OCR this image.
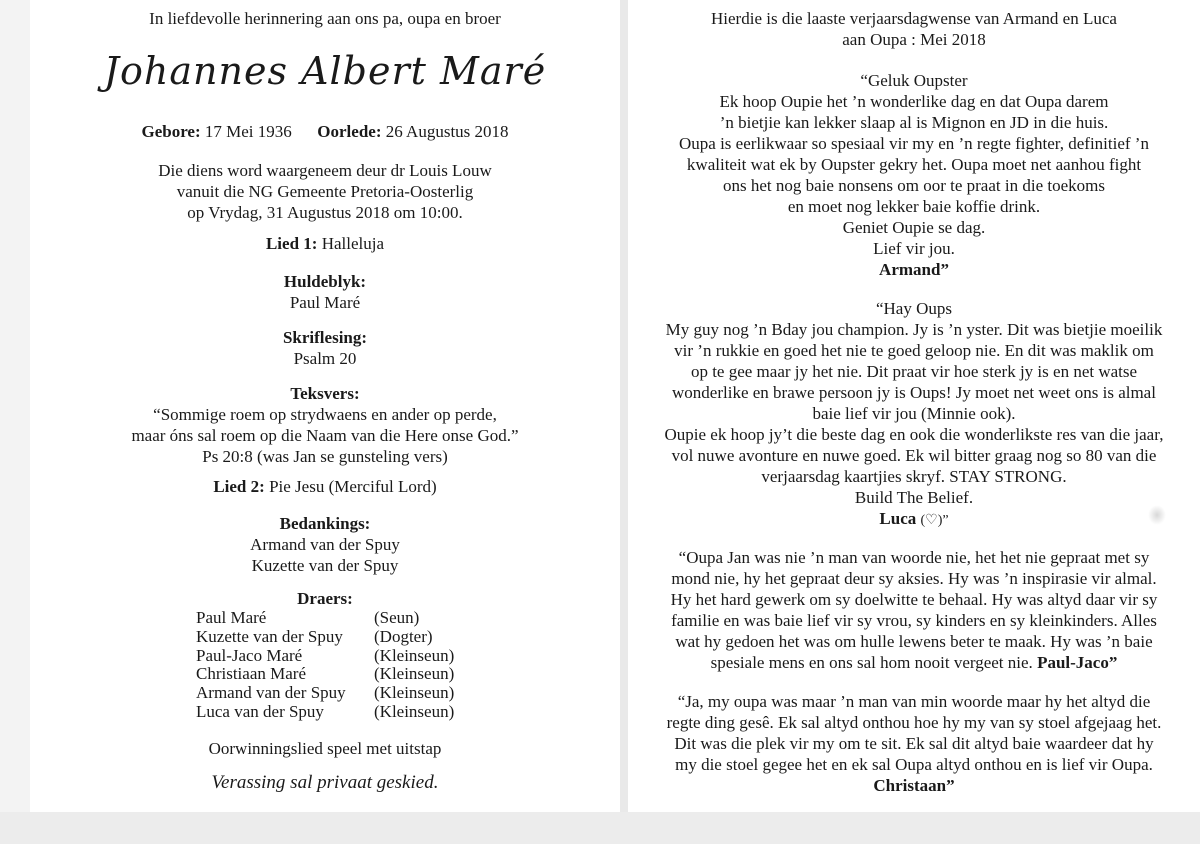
In liefdevolle herinnering aan ons pa, oupa en broer
Johannes Albert Maré
Gebore: 17 Mei 1936 Oorlede: 26 Augustus 2018
Die diens word waargeneem deur dr Louis Louw
vanuit die NG Gemeente Pretoria-Oosterlig
op Vrydag, 31 Augustus 2018 om 10:00.
Lied 1: Halleluja
Huldeblyk:
Paul Maré
Skriflesing:
Psalm 20
Teksvers:
“Sommige roem op strydwaens en ander op perde,
maar óns sal roem op die Naam van die Here onse God.”
Ps 20:8 (was Jan se gunsteling vers)
Lied 2: Pie Jesu (Merciful Lord)
Bedankings:
Armand van der Spuy
Kuzette van der Spuy
Draers:
Paul Maré	(Seun)
Kuzette van der Spuy	(Dogter)
Paul-Jaco Maré	(Kleinseun)
Christiaan Maré	(Kleinseun)
Armand van der Spuy	(Kleinseun)
Luca van der Spuy	(Kleinseun)
Oorwinningslied speel met uitstap
Verassing sal privaat geskied.
Hierdie is die laaste verjaarsdagwense van Armand en Luca
aan Oupa : Mei 2018
“Geluk Oupster
Ek hoop Oupie het ’n wonderlike dag en dat Oupa darem
’n bietjie kan lekker slaap al is Mignon en JD in die huis.
Oupa is eerlikwaar so spesiaal vir my en ’n regte fighter, definitief ’n
kwaliteit wat ek by Oupster gekry het. Oupa moet net aanhou fight
ons het nog baie nonsens om oor te praat in die toekoms
en moet nog lekker baie koffie drink.
Geniet Oupie se dag.
Lief vir jou.
Armand”
“Hay Oups
My guy nog ’n Bday jou champion. Jy is ’n yster. Dit was bietjie moeilik
vir ’n rukkie en goed het nie te goed geloop nie. En dit was maklik om
op te gee maar jy het nie. Dit praat vir hoe sterk jy is en net watse
wonderlike en brawe persoon jy is Oups! Jy moet net weet ons is almal
baie lief vir jou (Minnie ook).
Oupie ek hoop jy’t die beste dag en ook die wonderlikste res van die jaar,
vol nuwe avonture en nuwe goed. Ek wil bitter graag nog so 80 van die
verjaarsdag kaartjies skryf. STAY STRONG.
Build The Belief.
Luca (♡)”
“Oupa Jan was nie ’n man van woorde nie, het het nie gepraat met sy
mond nie, hy het gepraat deur sy aksies. Hy was ’n inspirasie vir almal.
Hy het hard gewerk om sy doelwitte te behaal. Hy was altyd daar vir sy
familie en was baie lief vir sy vrou, sy kinders en sy kleinkinders. Alles
wat hy gedoen het was om hulle lewens beter te maak. Hy was ’n baie
spesiale mens en ons sal hom nooit vergeet nie. Paul-Jaco”
“Ja, my oupa was maar ’n man van min woorde maar hy het altyd die
regte ding gesê. Ek sal altyd onthou hoe hy my van sy stoel afgejaag het.
Dit was die plek vir my om te sit. Ek sal dit altyd baie waardeer dat hy
my die stoel gegee het en ek sal Oupa altyd onthou en is lief vir Oupa.
Christaan”
